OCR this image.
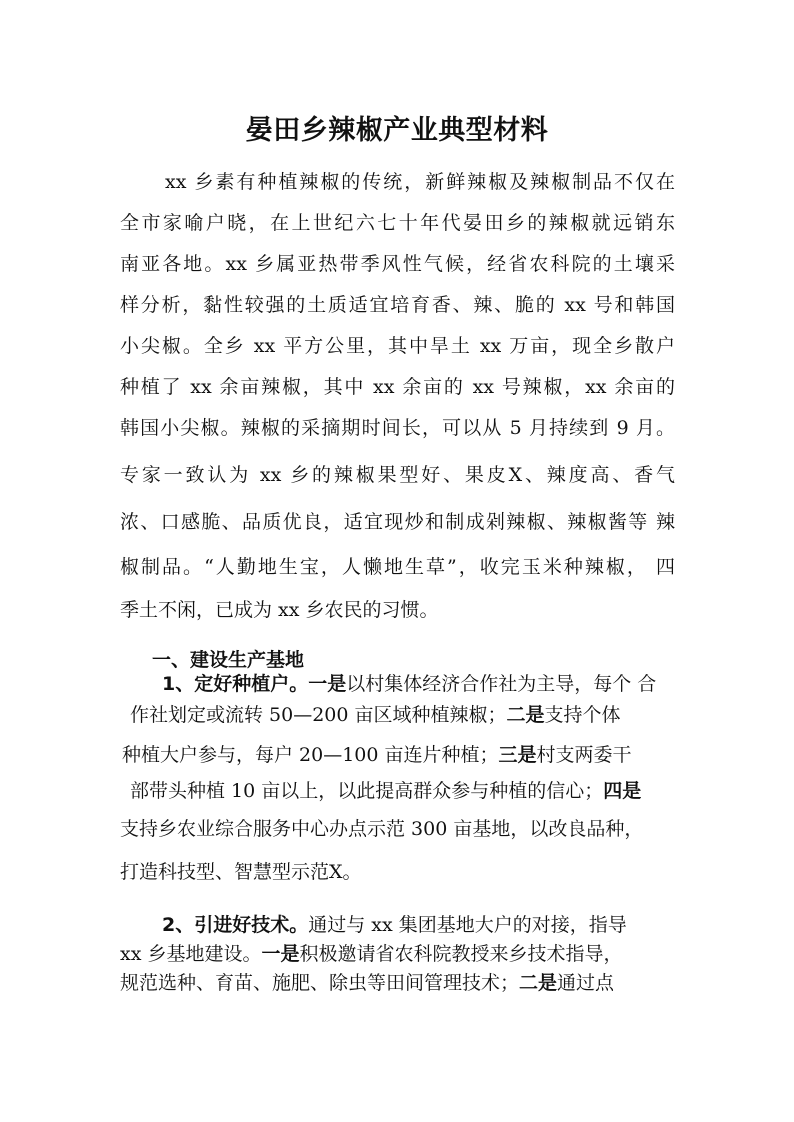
晏田乡辣椒产业典型材料
xx 乡素有种植辣椒的传统，新鲜辣椒及辣椒制品不仅在
全市家喻户晓，在上世纪六七十年代晏田乡的辣椒就远销东
南亚各地。xx 乡属亚热带季风性气候，经省农科院的土壤采
样分析，黏性较强的土质适宜培育香、辣、脆的 xx 号和韩国
小尖椒。全乡 xx 平方公里，其中旱土 xx 万亩，现全乡散户
种植了 xx 余亩辣椒，其中 xx 余亩的 xx 号辣椒，xx 余亩的
韩国小尖椒。辣椒的采摘期时间长，可以从 5 月持续到 9 月。
专家一致认为 xx 乡的辣椒果型好、果皮X、辣度高、香气
浓、口感脆、品质优良，适宜现炒和制成剁辣椒、辣椒酱等 辣
椒制品。“人勤地生宝，人懒地生草”，收完玉米种辣椒， 四
季土不闲，已成为 xx 乡农民的习惯。
一、建设生产基地
1、定好种植户。一是以村集体经济合作社为主导，每个 合
作社划定或流转 50—200 亩区域种植辣椒；二是支持个体
种植大户参与，每户 20—100 亩连片种植；三是村支两委干
部带头种植 10 亩以上，以此提高群众参与种植的信心；四是
支持乡农业综合服务中心办点示范 300 亩基地，以改良品种，
打造科技型、智慧型示范X。
2、引进好技术。通过与 xx 集团基地大户的对接，指导
xx 乡基地建设。一是积极邀请省农科院教授来乡技术指导，
规范选种、育苗、施肥、除虫等田间管理技术；二是通过点
